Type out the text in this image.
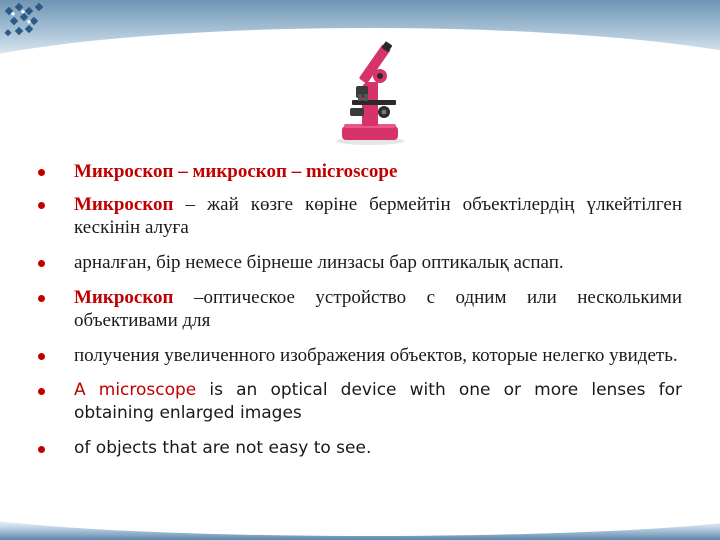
Микроскоп – микроскоп – microscope
Микроскоп – жай көзге көріне бермейтін объектілердің үлкейтілген кескінін алуға
арналған, бір немесе бірнеше линзасы бар оптикалық аспап.
Микроскоп –оптическое устройство с одним или несколькими объективами для
получения увеличенного изображения объектов, которые нелегко увидеть.
A microscope is an optical device with one or more lenses for obtaining enlarged images
of objects that are not easy to see.
